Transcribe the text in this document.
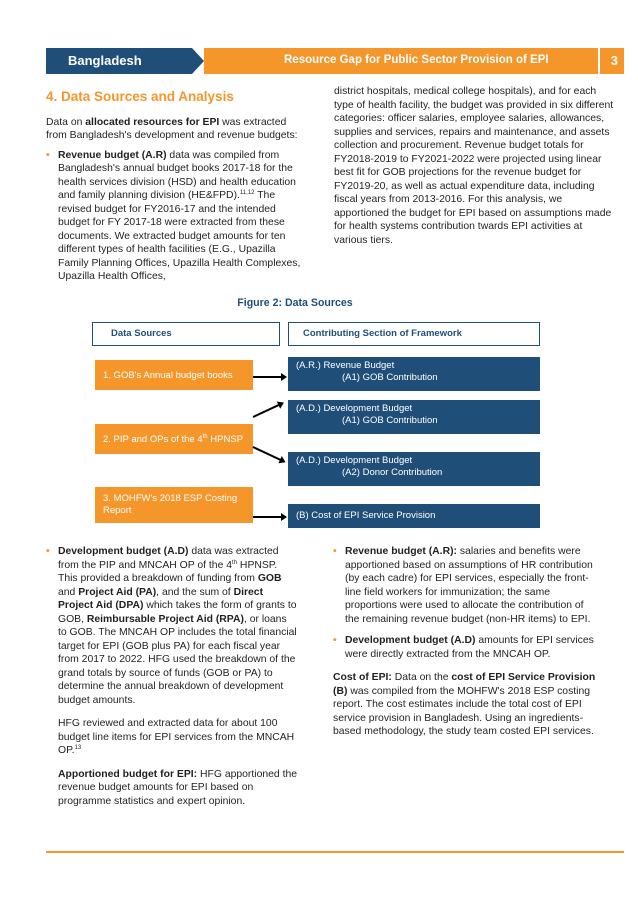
Bangladesh	Resource Gap for Public Sector Provision of EPI	3
4. Data Sources and Analysis

Data on allocated resources for EPI was extracted from Bangladesh's development and revenue budgets:

• Revenue budget (A.R) data was compiled from Bangladesh's annual budget books 2017-18 for the health services division (HSD) and health education and family planning division (HE&FPD).$^{11,12}$ The revised budget for FY2016-17 and the intended budget for FY 2017-18 were extracted from these documents. We extracted budget amounts for ten different types of health facilities (E.G., Upazilla Family Planning Offices, Upazilla Health Complexes, Upazilla Health Offices,

district hospitals, medical college hospitals), and for each type of health facility, the budget was provided in six different categories: officer salaries, employee salaries, allowances, supplies and services, repairs and maintenance, and assets collection and procurement. Revenue budget totals for FY2018-2019 to FY2021-2022 were projected using linear best fit for GOB projections for the revenue budget for FY2019-20, as well as actual expenditure data, including fiscal years from 2013-2016. For this analysis, we apportioned the budget for EPI based on assumptions made for health systems contribution twards EPI activities at various tiers.

Figure 2: Data Sources
Data Sources	Contributing Section of Framework
1. GOB's Annual budget books
2. PIP and OPs of the 4th HPNSP
3. MOHFW's 2018 ESP Costing Report
(A.R.) Revenue Budget
(A1) GOB Contribution
(A.D.) Development Budget
(A1) GOB Contribution
(A.D.) Development Budget
(A2) Donor Contribution
(B) Cost of EPI Service Provision

• Development budget (A.D) data was extracted from the PIP and MNCAH OP of the 4th HPNSP. This provided a breakdown of funding from GOB and Project Aid (PA), and the sum of Direct Project Aid (DPA) which takes the form of grants to GOB, Reimbursable Project Aid (RPA), or loans to GOB. The MNCAH OP includes the total financial target for EPI (GOB plus PA) for each fiscal year from 2017 to 2022. HFG used the breakdown of the grand totals by source of funds (GOB or PA) to determine the annual breakdown of development budget amounts.

HFG reviewed and extracted data for about 100 budget line items for EPI services from the MNCAH OP.$^{13}$

Apportioned budget for EPI: HFG apportioned the revenue budget amounts for EPI based on programme statistics and expert opinion.

• Revenue budget (A.R): salaries and benefits were apportioned based on assumptions of HR contribution (by each cadre) for EPI services, especially the front-line field workers for immunization; the same proportions were used to allocate the contribution of the remaining revenue budget (non-HR items) to EPI.

• Development budget (A.D) amounts for EPI services were directly extracted from the MNCAH OP.

Cost of EPI: Data on the cost of EPI Service Provision (B) was compiled from the MOHFW's 2018 ESP costing report. The cost estimates include the total cost of EPI service provision in Bangladesh. Using an ingredients-based methodology, the study team costed EPI services.
